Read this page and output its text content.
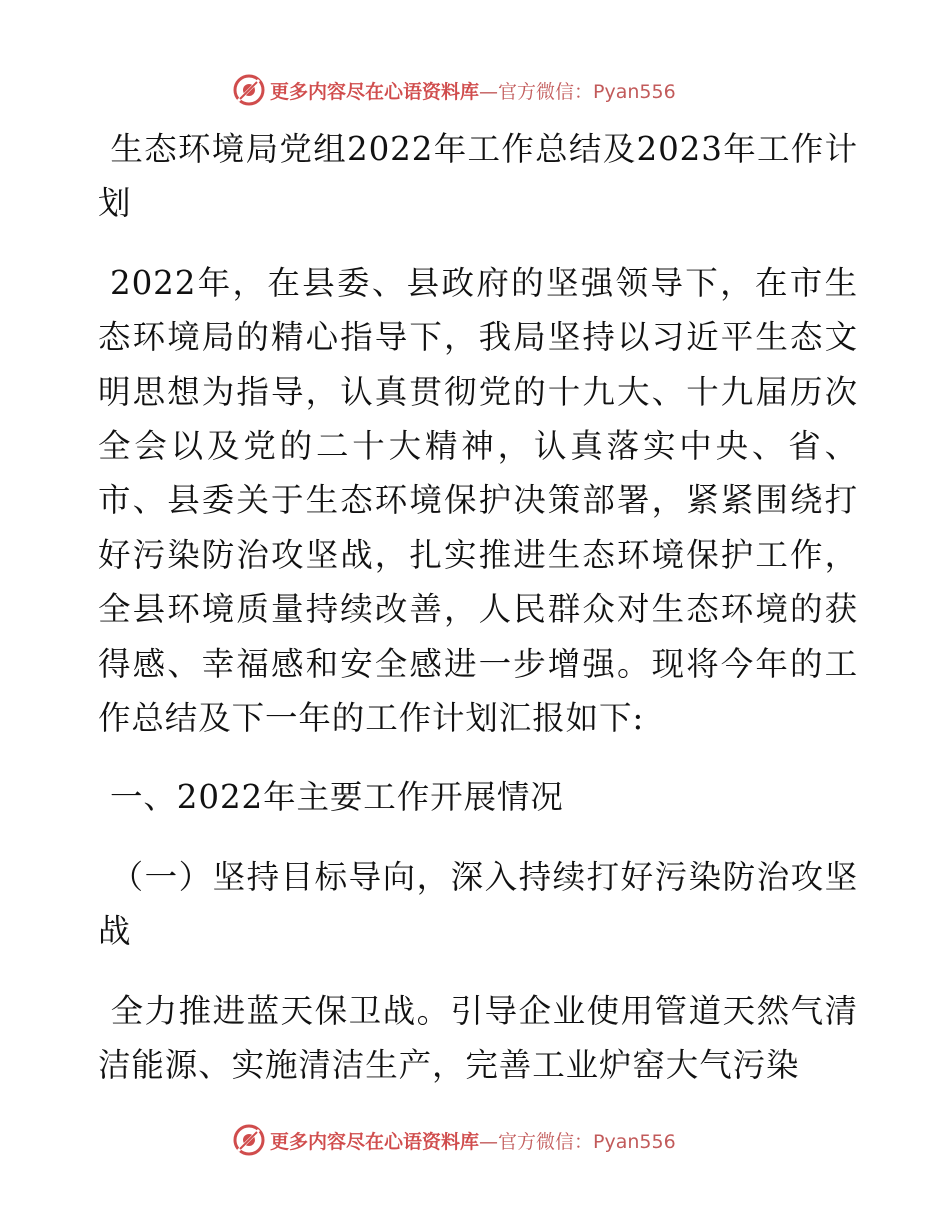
更多内容尽在心语资料库 —官方微信：Pyan556

生态环境局党组2022年工作总结及2023年工作计划

2022年，在县委、县政府的坚强领导下，在市生态环境局的精心指导下，我局坚持以习近平生态文明思想为指导，认真贯彻党的十九大、十九届历次全会以及党的二十大精神，认真落实中央、省、市、县委关于生态环境保护决策部署，紧紧围绕打好污染防治攻坚战，扎实推进生态环境保护工作，全县环境质量持续改善，人民群众对生态环境的获得感、幸福感和安全感进一步增强。现将今年的工作总结及下一年的工作计划汇报如下:

一、2022年主要工作开展情况

（一）坚持目标导向，深入持续打好污染防治攻坚战

全力推进蓝天保卫战。引导企业使用管道天然气清洁能源、实施清洁生产，完善工业炉窑大气污染

更多内容尽在心语资料库 —官方微信：Pyan556
